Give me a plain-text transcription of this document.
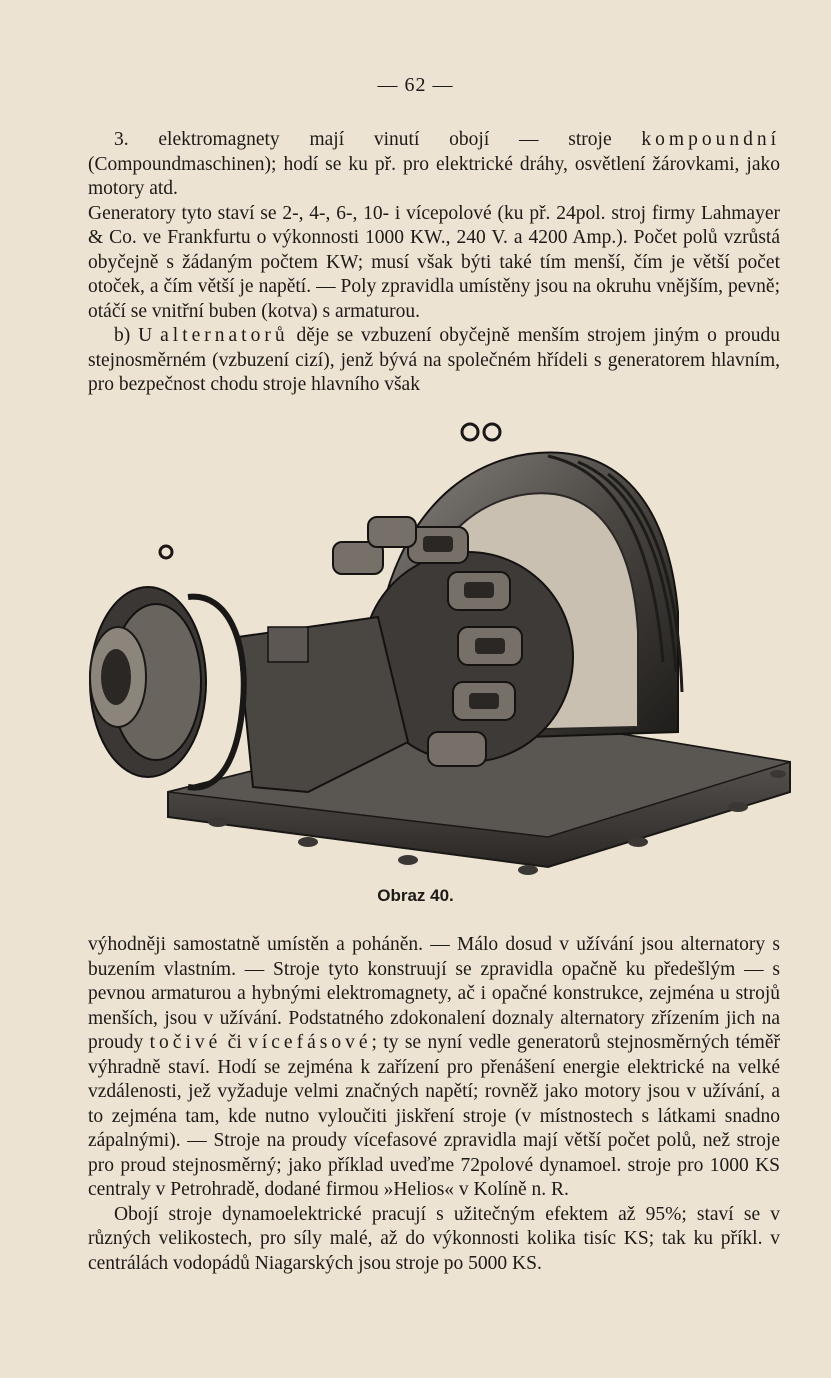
— 62 —

3. elektromagnety mají vinutí obojí — stroje kompoundní (Compoundmaschinen); hodí se ku př. pro elektrické dráhy, osvětlení žárovkami, jako motory atd.

Generatory tyto staví se 2-, 4-, 6-, 10- i vícepolové (ku př. 24pol. stroj firmy Lahmayer & Co. ve Frankfurtu o výkonnosti 1000 KW., 240 V. a 4200 Amp.). Počet polů vzrůstá obyčejně s žádaným počtem KW; musí však býti také tím menší, čím je větší počet otoček, a čím větší je napětí. — Poly zpravidla umístěny jsou na okruhu vnějším, pevně; otáčí se vnitřní buben (kotva) s armaturou.

b) U alternatorů děje se vzbuzení obyčejně menším strojem jiným o proudu stejnosměrném (vzbuzení cizí), jenž bývá na společném hřídeli s generatorem hlavním, pro bezpečnost chodu stroje hlavního však

Obraz 40.

výhodněji samostatně umístěn a poháněn. — Málo dosud v užívání jsou alternatory s buzením vlastním. — Stroje tyto konstruují se zpravidla opačně ku předešlým — s pevnou armaturou a hybnými elektromagnety, ač i opačné konstrukce, zejména u strojů menších, jsou v užívání. Podstatného zdokonalení doznaly alternatory zřízením jich na proudy točivé či vícefásové; ty se nyní vedle generatorů stejnosměrných téměř výhradně staví. Hodí se zejména k zařízení pro přenášení energie elektrické na velké vzdálenosti, jež vyžaduje velmi značných napětí; rovněž jako motory jsou v užívání, a to zejména tam, kde nutno vyloučiti jiskření stroje (v místnostech s látkami snadno zápalnými). — Stroje na proudy vícefasové zpravidla mají větší počet polů, než stroje pro proud stejnosměrný; jako příklad uveďme 72polové dynamoel. stroje pro 1000 KS centraly v Petrohradě, dodané firmou »Helios« v Kolíně n. R.

Obojí stroje dynamoelektrické pracují s užitečným efektem až 95%; staví se v různých velikostech, pro síly malé, až do výkonnosti kolika tisíc KS; tak ku příkl. v centrálách vodopádů Niagarských jsou stroje po 5000 KS.
